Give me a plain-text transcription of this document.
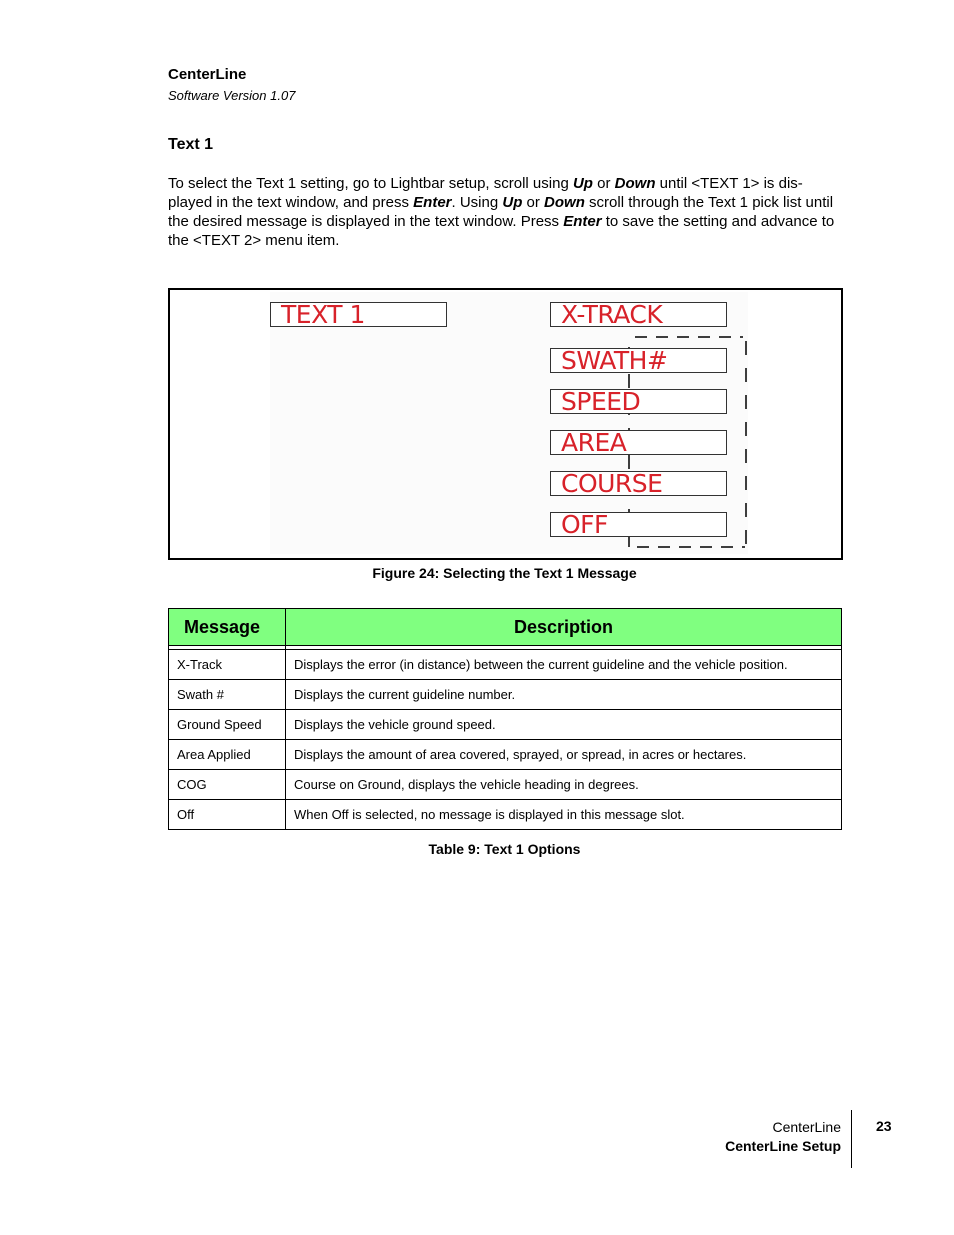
CenterLine
Software Version 1.07
Text 1
To select the Text 1 setting, go to Lightbar setup, scroll using Up or Down until <TEXT 1> is dis-played in the text window, and press Enter. Using Up or Down scroll through the Text 1 pick list until the desired message is displayed in the text window. Press Enter to save the setting and advance to the <TEXT 2> menu item.
TEXT 1	X-TRACK
SWATH#
SPEED
AREA
COURSE
OFF
Figure 24: Selecting the Text 1 Message
Message	Description

X-Track	Displays the error (in distance) between the current guideline and the vehicle position.
Swath #	Displays the current guideline number.
Ground Speed	Displays the vehicle ground speed.
Area Applied	Displays the amount of area covered, sprayed, or spread, in acres or hectares.
COG	Course on Ground, displays the vehicle heading in degrees.
Off	When Off is selected, no message is displayed in this message slot.
Table 9: Text 1 Options
CenterLine
CenterLine Setup
23
